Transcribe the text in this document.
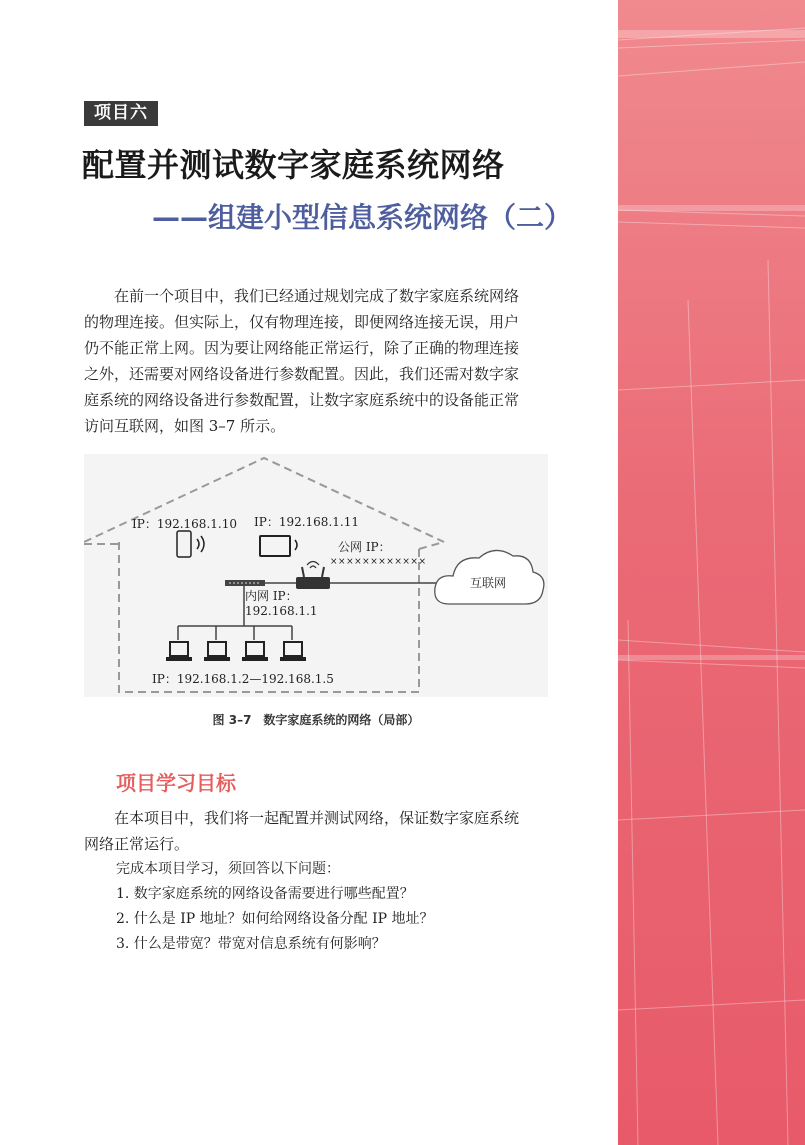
项目六
配置并测试数字家庭系统网络
——组建小型信息系统网络（二）

在前一个项目中，我们已经通过规划完成了数字家庭系统网络

的物理连接。但实际上，仅有物理连接，即便网络连接无误，用户
仍不能正常上网。因为要让网络能正常运行，除了正确的物理连接
之外，还需要对网络设备进行参数配置。因此，我们还需对数字家
庭系统的网络设备进行参数配置，让数字家庭系统中的设备能正常
访问互联网，如图 3–7 所示。
IP：192.168.1.10 IP：192.168.1.11
公网 IP：
××××××××××××
互联网
内网 IP：
192.168.1.1
IP：192.168.1.2—192.168.1.5
图 3–7　数字家庭系统的网络（局部）
项目学习目标

在本项目中，我们将一起配置并测试网络，保证数字家庭系统

网络正常运行。
完成本项目学习，须回答以下问题：
1. 数字家庭系统的网络设备需要进行哪些配置？
2. 什么是 IP 地址？如何给网络设备分配 IP 地址？
3. 什么是带宽？带宽对信息系统有何影响？
